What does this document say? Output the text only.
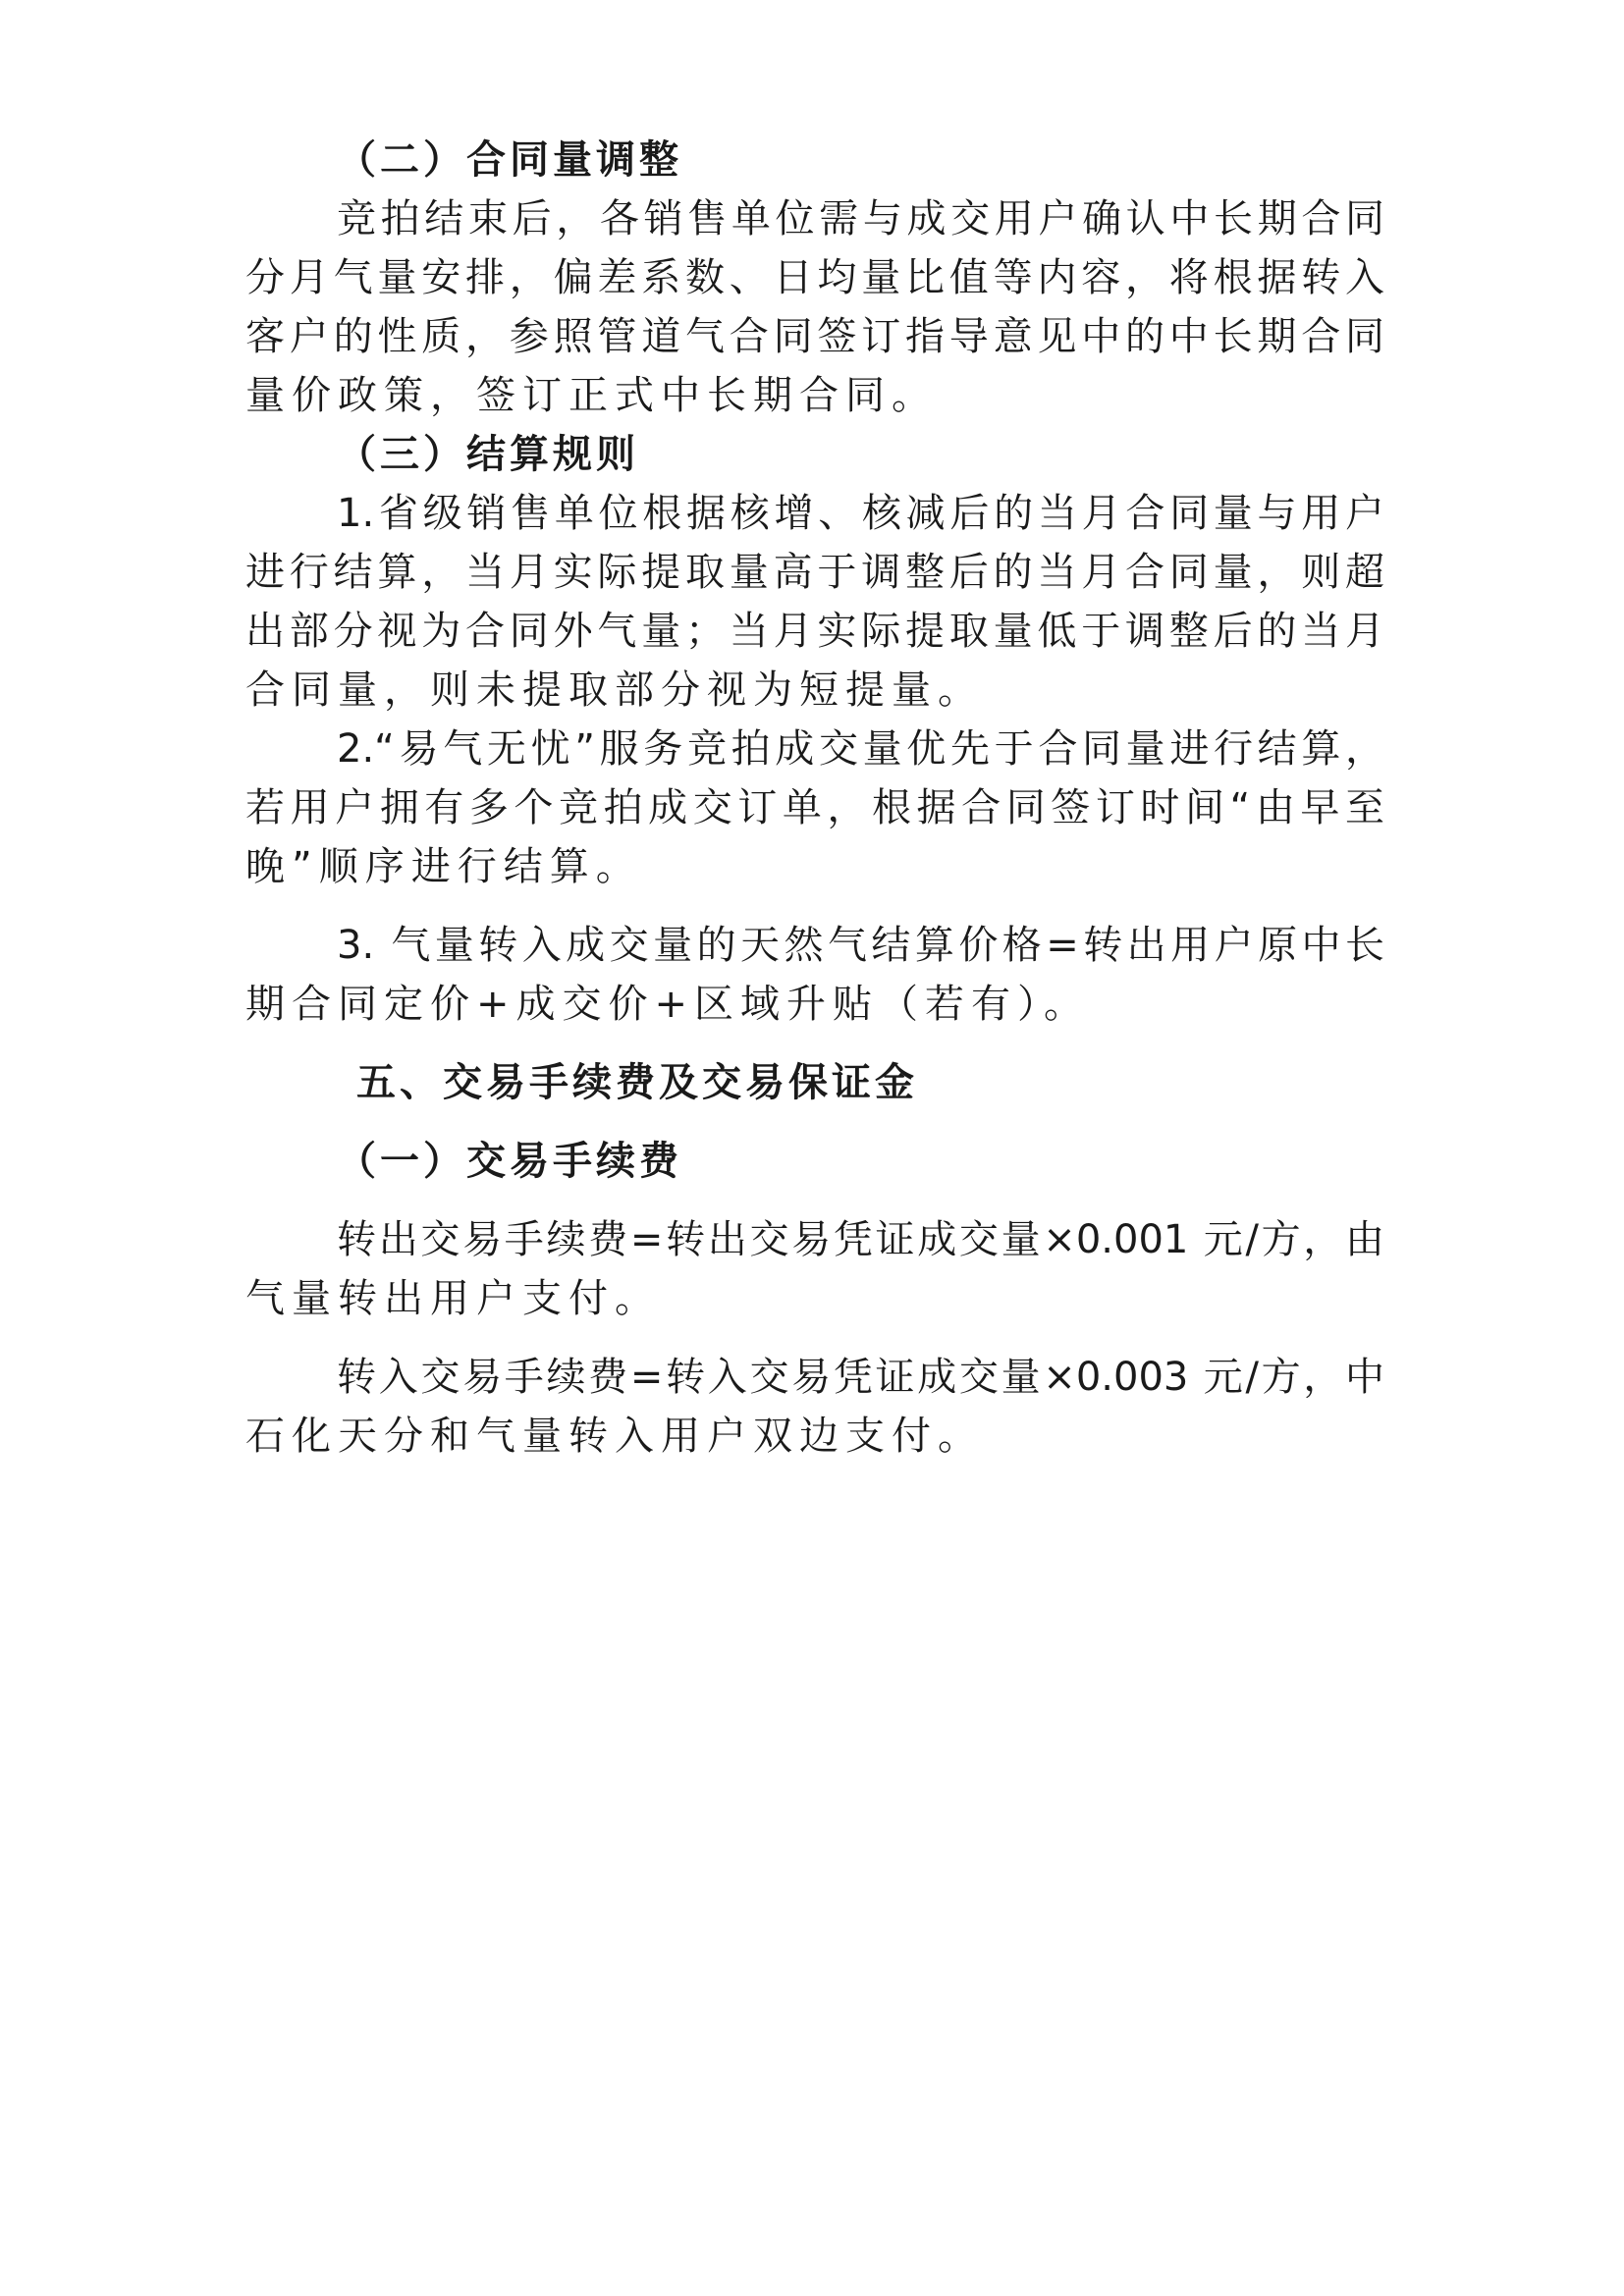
（二）合同量调整
竞拍结束后，各销售单位需与成交用户确认中长期合同
分月气量安排，偏差系数、日均量比值等内容，将根据转入
客户的性质，参照管道气合同签订指导意见中的中长期合同
量价政策，签订正式中长期合同。
（三）结算规则
1.省级销售单位根据核增、核减后的当月合同量与用户
进行结算，当月实际提取量高于调整后的当月合同量，则超
出部分视为合同外气量；当月实际提取量低于调整后的当月
合同量，则未提取部分视为短提量。
2.“易气无忧”服务竞拍成交量优先于合同量进行结算，
若用户拥有多个竞拍成交订单，根据合同签订时间“由早至
晚”顺序进行结算。
3. 气量转入成交量的天然气结算价格=转出用户原中长
期合同定价+成交价+区域升贴（若有）。
五、交易手续费及交易保证金
（一）交易手续费
转出交易手续费=转出交易凭证成交量×0.001 元/方，由
气量转出用户支付。
转入交易手续费=转入交易凭证成交量×0.003 元/方，中
石化天分和气量转入用户双边支付。
